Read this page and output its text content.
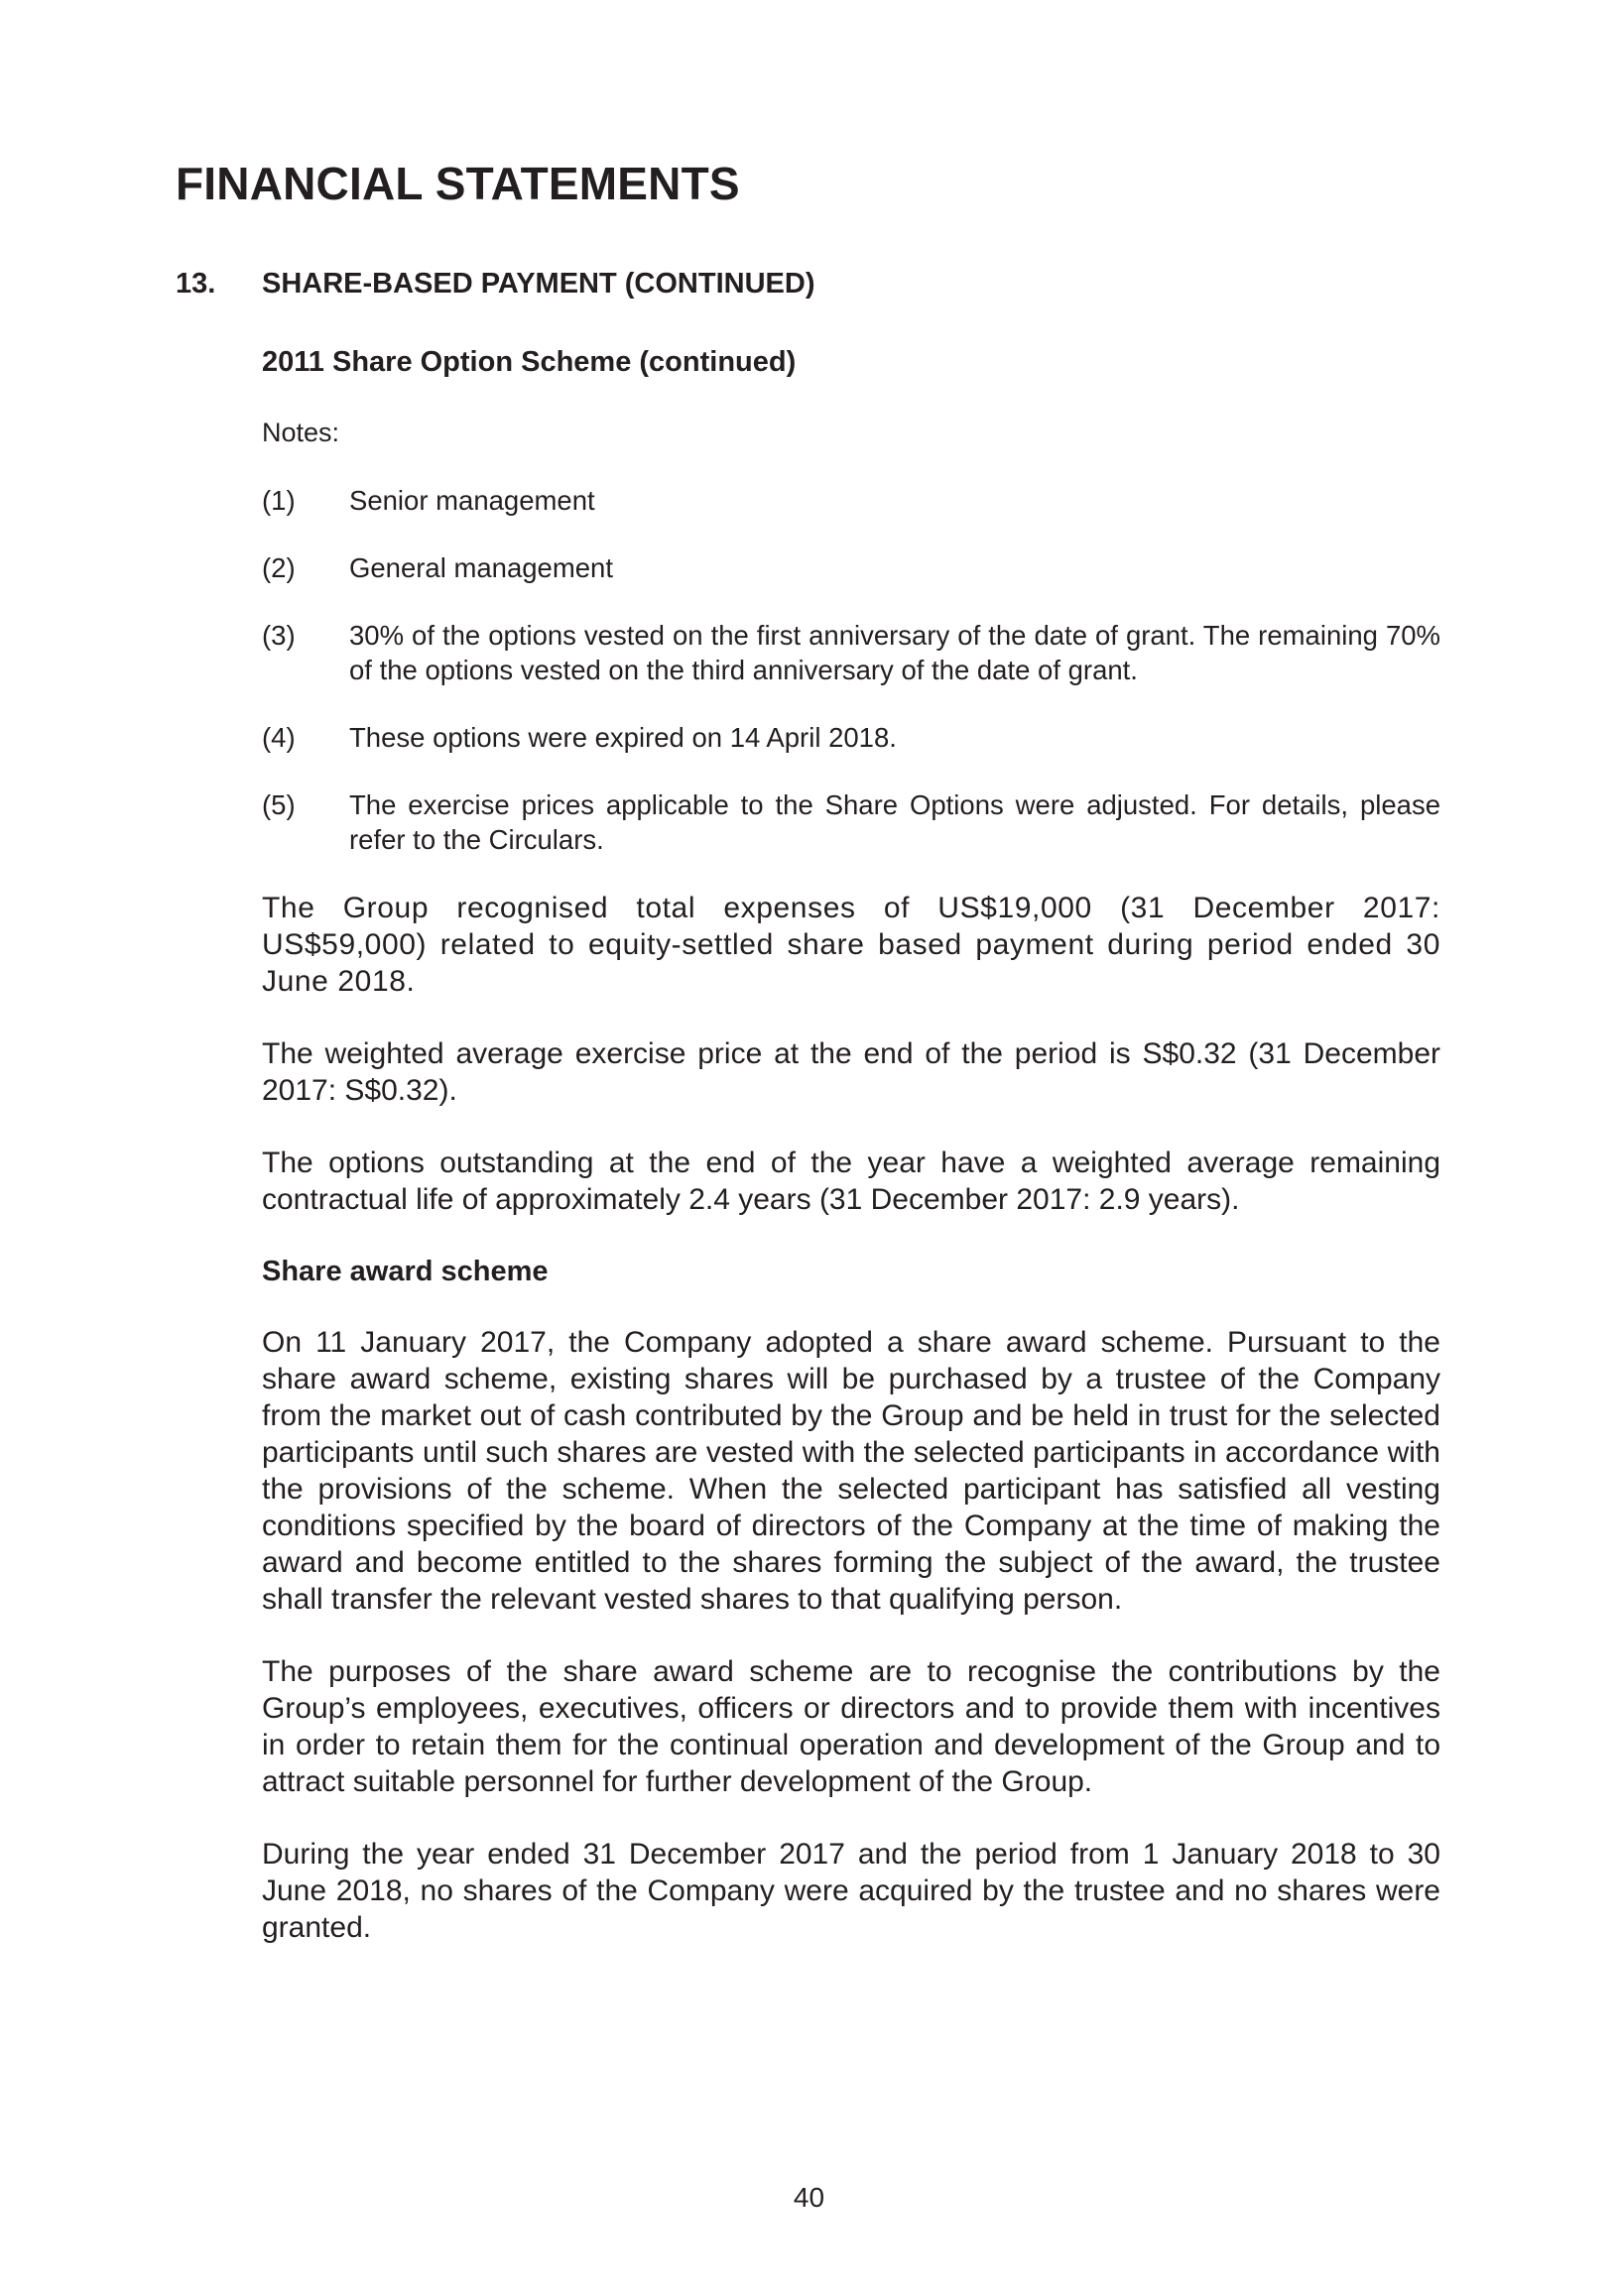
FINANCIAL STATEMENTS
13.	SHARE-BASED PAYMENT (CONTINUED)
2011 Share Option Scheme (continued)

Notes:

(1)	Senior management
(2)	General management
(3)	30% of the options vested on the first anniversary of the date of grant. The remaining 70% of the options vested on the third anniversary of the date of grant.
(4)	These options were expired on 14 April 2018.
(5)	The exercise prices applicable to the Share Options were adjusted. For details, please refer to the Circulars.

The Group recognised total expenses of US$19,000 (31 December 2017: US$59,000) related to equity-settled share based payment during period ended 30 June 2018.

The weighted average exercise price at the end of the period is S$0.32 (31 December 2017: S$0.32).

The options outstanding at the end of the year have a weighted average remaining contractual life of approximately 2.4 years (31 December 2017: 2.9 years).

Share award scheme

On 11 January 2017, the Company adopted a share award scheme. Pursuant to the share award scheme, existing shares will be purchased by a trustee of the Company from the market out of cash contributed by the Group and be held in trust for the selected participants until such shares are vested with the selected participants in accordance with the provisions of the scheme. When the selected participant has satisfied all vesting conditions specified by the board of directors of the Company at the time of making the award and become entitled to the shares forming the subject of the award, the trustee shall transfer the relevant vested shares to that qualifying person.

The purposes of the share award scheme are to recognise the contributions by the Group’s employees, executives, officers or directors and to provide them with incentives in order to retain them for the continual operation and development of the Group and to attract suitable personnel for further development of the Group.

During the year ended 31 December 2017 and the period from 1 January 2018 to 30 June 2018, no shares of the Company were acquired by the trustee and no shares were granted.

40
